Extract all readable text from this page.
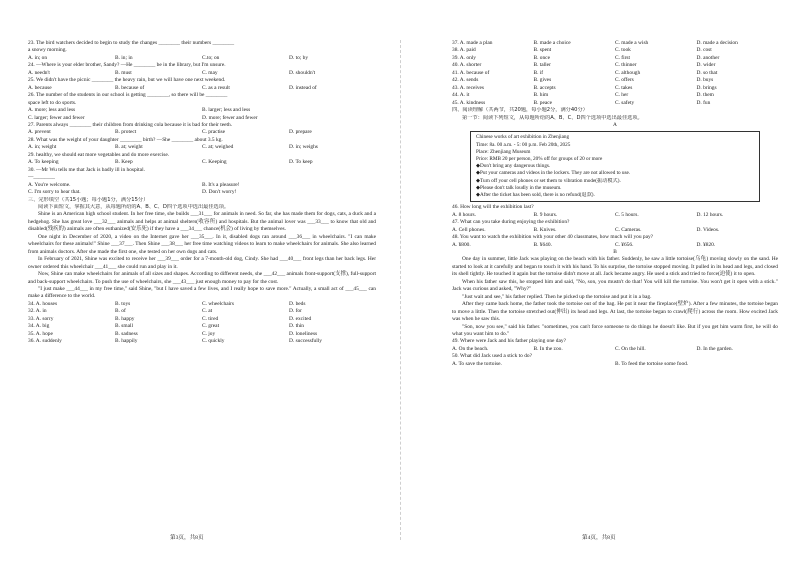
23. The bird watchers decided to begin to study the changes ________ their numbers ________
a snowy morning.
A. in; on	B. in; in	C.to; on	D. to; by
24. —Where is your elder brother, Sandy? —He ________ be in the library, but I'm unsure.
A. needn't	B. must	C. may	D. shouldn't
25. We didn't have the picnic ________ the heavy rain, but we will have one next weekend.
A. because	B. because of	C. as a result	D. instead of
26. The number of the students in our school is getting ________, so there will be ________
space left to do sports.
A. more; less and less	B. larger; less and less
C. larger; fewer and fewer	D. more; fewer and fewer
27. Parents always ________ their children from drinking cola because it is bad for their teeth.
A. prevent	B. protect	C. practise	D. prepare
28. What was the weight of your daughter ________ birth? —She ________ about 3.5 kg.
A. in; weight	B. at; weight	C. at; weighed	D. in; weighs
29. healthy, we should eat more vegetables and do more exercise.
A. To keeping	B. Keep	C. Keeping	D. To keep
30. —Mr Wu tells me that Jack is badly ill in hospital.
—________
A. You're welcome.	B. It's a pleasure!
C. I'm sorry to hear that.	D. Don't worry!
三、完形填空（共15小题；每小题1分，满分15分）
阅读下面短文，掌握其大意，从每题所给的A、B、C、D四个选项中选出最佳选项。
Shine is an American high school student. In her free time, she builds ___31___ for animals in need. So far, she has made them for dogs, cats, a duck and a hedgehog. She has great love ___32___ animals and helps at animal shelters(收容所) and hospitals. But the animal lover was ___33___ to know that old and disabled(残疾的) animals are often euthanized(安乐死) if they have a ___34___ chance(机会) of living by themselves.
One night in December of 2020, a video on the Internet gave her ___35___. In it, disabled dogs ran around ___36___ in wheelchairs. "I can make wheelchairs for these animals!" Shine ___37___. Then Shine ___38___ her free time watching videos to learn to make wheelchairs for animals. She also learned from animals doctors. After she made the first one, she tested on her own dogs and cats.
In February of 2021, Shine was excited to receive her ___39___ order for a 7-month-old dog, Cindy. She had ___40___ front legs than her back legs. Her owner ordered this wheelchair ___41___ she could run and play in it.
Now, Shine can make wheelchairs for animals of all sizes and shapes. According to different needs, she ___42___ animals front-support(支撑), full-support and back-support wheelchairs. To push the use of wheelchairs, she ___43___ just enough money to pay for the cost.
"I just make ___44___ in my free time," said Shine, "but I have saved a few lives, and I really hope to save more." Actually, a small act of ___45___ can make a difference to the world.
34. A. houses	B. toys	C. wheelchairs	D. beds
32. A. in	B. of	C. at	D. for
33. A. sorry	B. happy	C. tired	D. excited
34. A. big	B. small	C. great	D. thin
35. A. hope	B. sadness	C. joy	D. loneliness
36. A. suddenly	B. happily	C. quickly	D. successfully
第3页，共8页
37. A. made a plan	B. made a choice	C. made a wish	D. made a decision
38. A. paid	B. spent	C. took	D. cost
39. A. only	B. once	C. first	D. another
40. A. shorter	B. taller	C. thinner	D. wider
41. A. because of	B. if	C. although	D. so that
42. A. sends	B. gives	C. offers	D. buys
43. A. receives	B. accepts	C. takes	D. brings
44. A. it	B. him	C. her	D. them
45. A. kindness	B. peace	C. safety	D. fun
四、阅读理解（共两节，共20题，每小题2分，满分40分）
第一节：阅读下列短文，从每题所给的A、B、C、D四个选项中选出最佳选项。
A
Chinese works of art exhibition in Zhenjiang
Time: 8a. 00 a.m. - 5: 00 p.m. Feb 20th, 2025
Place: Zhenjiang Museum
Price: RMB 20 per person, 20% off for groups of 20 or more
◆Don't bring any dangerous things.
◆Put your cameras and videos in the lockers. They are not allowed to use.
◆Turn off your cell phones or set them to vibration mode(振动模式).
◆Please don't talk loudly in the museum.
◆After the ticket has been sold, there is no refund(退款).
46. How long will the exhibition last?
A. 8 hours.	B. 9 hours.	C. 5 hours.	D. 12 hours.
47. What can you take during enjoying the exhibition?
A. Cell phones.	B. Knives.	C. Cameras.	D. Videos.
48. You want to watch the exhibition with your other 40 classmates, how much will you pay?
A. ¥800.	B. ¥640.	C. ¥656.	D. ¥820.
B
One day in summer, little Jack was playing on the beach with his father. Suddenly, he saw a little tortoise(乌龟) moving slowly on the sand. He started to look at it carefully and began to touch it with his hand. To his surprise, the tortoise stopped moving. It pulled in its head and legs, and closed its shell tightly. He touched it again but the tortoise didn't move at all. Jack became angry. He used a stick and tried to force(迫使) it to open.
When his father saw this, he stopped him and said, "No, son, you mustn't do that! You will kill the tortoise. You won't get it open with a stick." Jack was curious and asked, "Why?"
"Just wait and see," his father replied. Then he picked up the tortoise and put it in a bag.
After they came back home, the father took the tortoise out of the bag. He put it near the fireplace(壁炉). After a few minutes, the tortoise began to move a little. Then the tortoise stretched out(伸出) its head and legs. At last, the tortoise began to crawl(爬行) across the room. How excited Jack was when he saw this.
"Son, now you see," said his father. "sometimes, you can't force someone to do things he doesn't like. But if you get him warm first, he will do what you want him to do."
49. Where were Jack and his father playing one day?
A. On the beach.	B. In the zoo.	C. On the hill.	D. In the garden.
50. What did Jack used a stick to do?
A. To save the tortoise.	B. To feed the tortoise some food.
第4页，共8页
